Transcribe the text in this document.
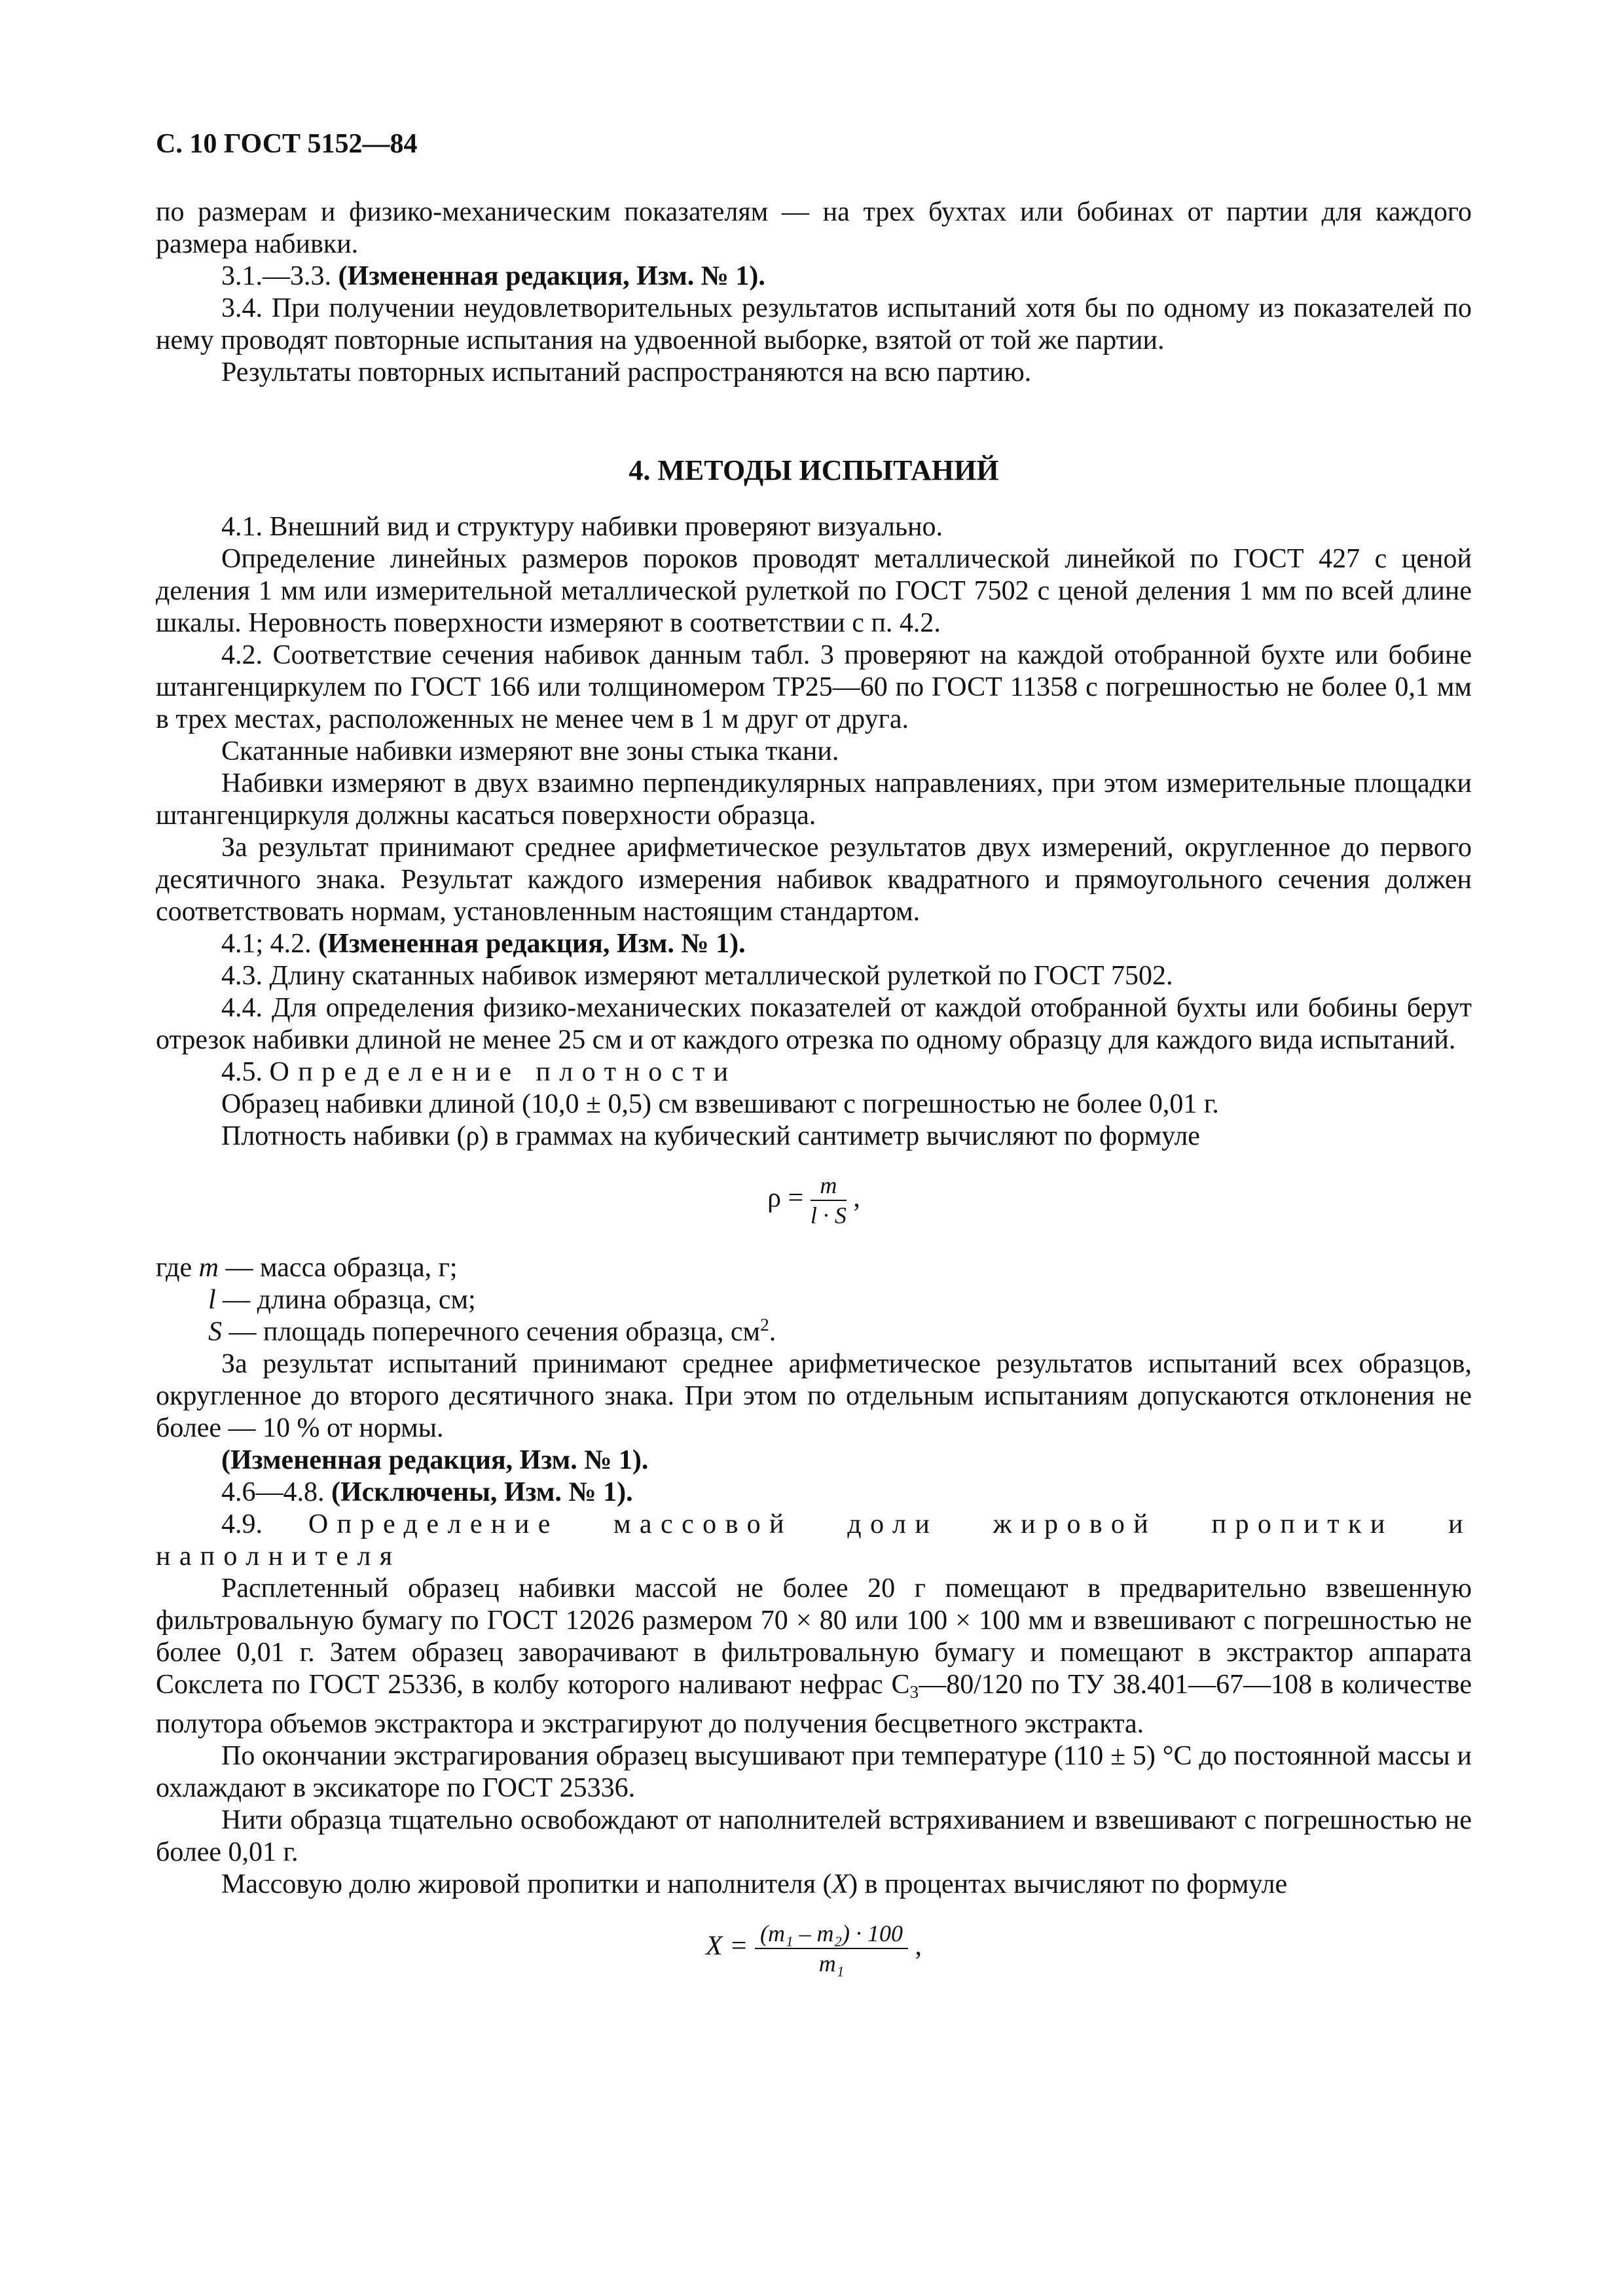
С. 10 ГОСТ 5152—84

по размерам и физико-механическим показателям — на трех бухтах или бобинах от партии для каждого размера набивки.

3.1.—3.3. (Измененная редакция, Изм. № 1).

3.4. При получении неудовлетворительных результатов испытаний хотя бы по одному из показателей по нему проводят повторные испытания на удвоенной выборке, взятой от той же партии.

Результаты повторных испытаний распространяются на всю партию.

4. МЕТОДЫ ИСПЫТАНИЙ

4.1. Внешний вид и структуру набивки проверяют визуально.

Определение линейных размеров пороков проводят металлической линейкой по ГОСТ 427 с ценой деления 1 мм или измерительной металлической рулеткой по ГОСТ 7502 с ценой деления 1 мм по всей длине шкалы. Неровность поверхности измеряют в соответствии с п. 4.2.

4.2. Соответствие сечения набивок данным табл. 3 проверяют на каждой отобранной бухте или бобине штангенциркулем по ГОСТ 166 или толщиномером ТР25—60 по ГОСТ 11358 с погрешностью не более 0,1 мм в трех местах, расположенных не менее чем в 1 м друг от друга.

Скатанные набивки измеряют вне зоны стыка ткани.

Набивки измеряют в двух взаимно перпендикулярных направлениях, при этом измерительные площадки штангенциркуля должны касаться поверхности образца.

За результат принимают среднее арифметическое результатов двух измерений, округленное до первого десятичного знака. Результат каждого измерения набивок квадратного и прямоугольного сечения должен соответствовать нормам, установленным настоящим стандартом.

4.1; 4.2. (Измененная редакция, Изм. № 1).

4.3. Длину скатанных набивок измеряют металлической рулеткой по ГОСТ 7502.

4.4. Для определения физико-механических показателей от каждой отобранной бухты или бобины берут отрезок набивки длиной не менее 25 см и от каждого отрезка по одному образцу для каждого вида испытаний.

4.5. Определение плотности

Образец набивки длиной (10,0 ± 0,5) см взвешивают с погрешностью не более 0,01 г.

Плотность набивки (ρ) в граммах на кубический сантиметр вычисляют по формуле

$\rho = \frac{m}{l \cdot S}$ ,

где m — масса образца, г;

l — длина образца, см;

S — площадь поперечного сечения образца, $см^2$.

За результат испытаний принимают среднее арифметическое результатов испытаний всех образцов, округленное до второго десятичного знака. При этом по отдельным испытаниям допускаются отклонения не более — 10 % от нормы.

(Измененная редакция, Изм. № 1).

4.6—4.8. (Исключены, Изм. № 1).

4.9. Определение массовой доли жировой пропитки и наполнителя

Расплетенный образец набивки массой не более 20 г помещают в предварительно взвешенную фильтровальную бумагу по ГОСТ 12026 размером 70 × 80 или 100 × 100 мм и взвешивают с погрешностью не более 0,01 г. Затем образец заворачивают в фильтровальную бумагу и помещают в экстрактор аппарата Сокслета по ГОСТ 25336, в колбу которого наливают нефрас $С_3—80/120$ по ТУ 38.401—67—108 в количестве полутора объемов экстрактора и экстрагируют до получения бесцветного экстракта.

По окончании экстрагирования образец высушивают при температуре (110 ± 5) °С до постоянной массы и охлаждают в эксикаторе по ГОСТ 25336.

Нити образца тщательно освобождают от наполнителей встряхиванием и взвешивают с погрешностью не более 0,01 г.

Массовую долю жировой пропитки и наполнителя (X) в процентах вычисляют по формуле

$X = \frac{\text{(m₁ – m₂) · 100}}{\text{m₁}}$ ,
